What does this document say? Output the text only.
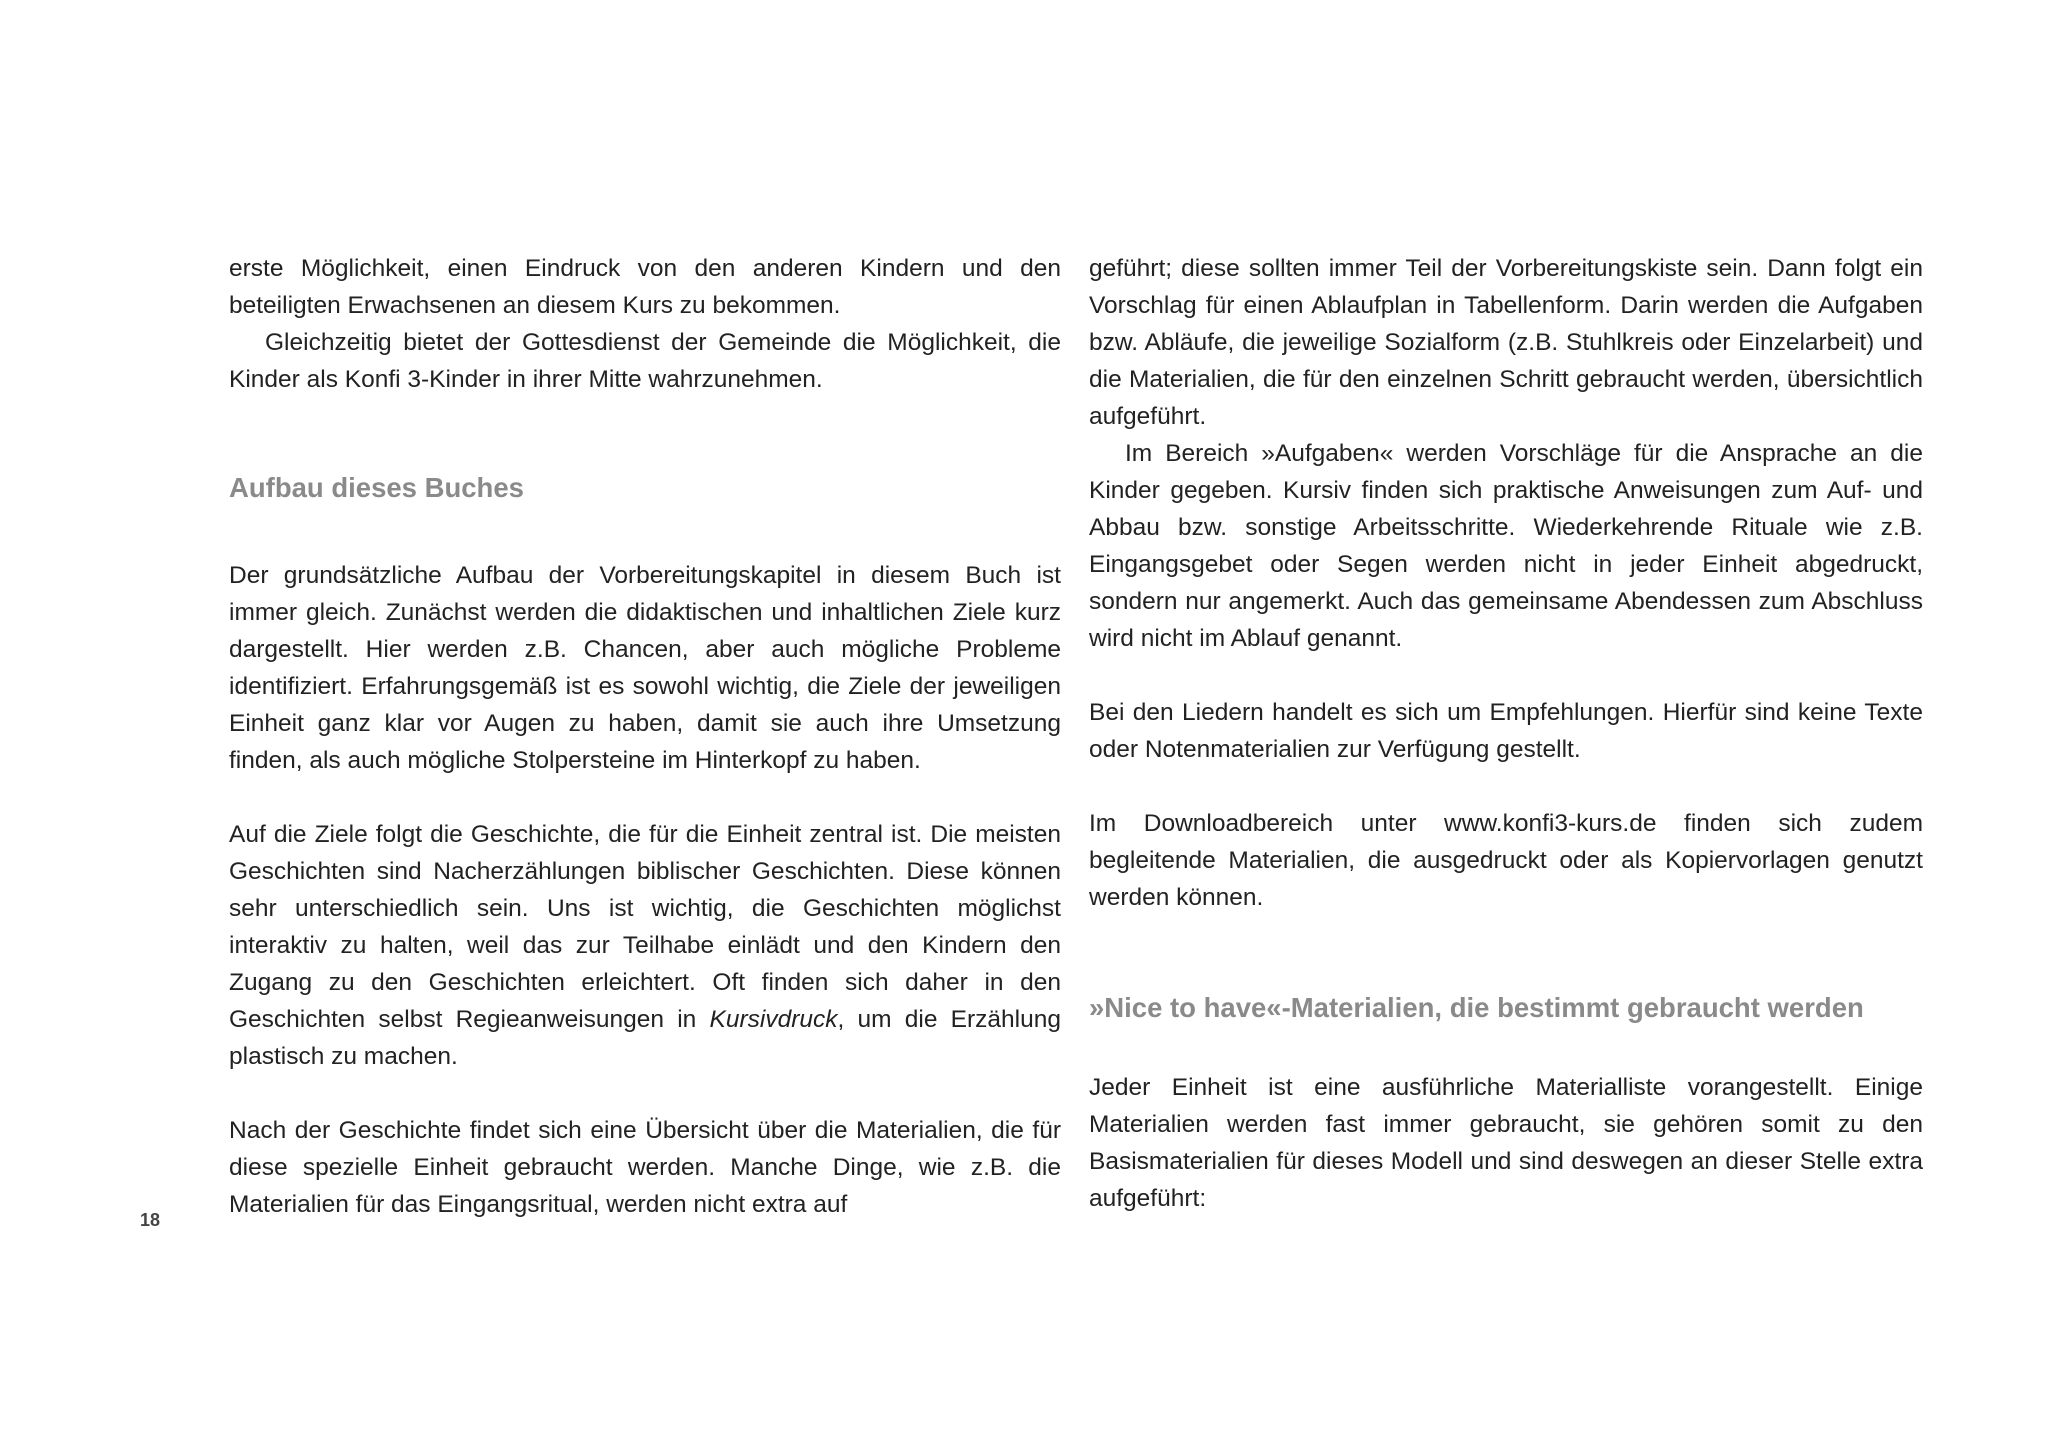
erste Möglichkeit, einen Eindruck von den anderen Kindern und den beteiligten Erwachsenen an diesem Kurs zu bekommen.

Gleichzeitig bietet der Gottesdienst der Gemeinde die Möglichkeit, die Kinder als Konfi 3-Kinder in ihrer Mitte wahrzunehmen.

Aufbau dieses Buches

Der grundsätzliche Aufbau der Vorbereitungskapitel in diesem Buch ist immer gleich. Zunächst werden die didaktischen und inhaltlichen Ziele kurz dargestellt. Hier werden z.B. Chancen, aber auch mögliche Probleme identifiziert. Erfahrungsgemäß ist es sowohl wichtig, die Ziele der jeweiligen Einheit ganz klar vor Augen zu haben, damit sie auch ihre Umsetzung finden, als auch mögliche Stolpersteine im Hinterkopf zu haben.

Auf die Ziele folgt die Geschichte, die für die Einheit zentral ist. Die meisten Geschichten sind Nacherzählungen biblischer Geschichten. Diese können sehr unterschiedlich sein. Uns ist wichtig, die Geschichten möglichst interaktiv zu halten, weil das zur Teilhabe einlädt und den Kindern den Zugang zu den Geschichten erleichtert. Oft finden sich daher in den Geschichten selbst Regieanweisungen in Kursivdruck, um die Erzählung plastisch zu machen.

Nach der Geschichte findet sich eine Übersicht über die Materialien, die für diese spezielle Einheit gebraucht werden. Manche Dinge, wie z.B. die Materialien für das Eingangsritual, werden nicht extra auf

geführt; diese sollten immer Teil der Vorbereitungskiste sein. Dann folgt ein Vorschlag für einen Ablaufplan in Tabellenform. Darin werden die Aufgaben bzw. Abläufe, die jeweilige Sozialform (z.B. Stuhlkreis oder Einzelarbeit) und die Materialien, die für den einzelnen Schritt gebraucht werden, übersichtlich aufgeführt.

Im Bereich »Aufgaben« werden Vorschläge für die Ansprache an die Kinder gegeben. Kursiv finden sich praktische Anweisungen zum Auf- und Abbau bzw. sonstige Arbeitsschritte. Wiederkehrende Rituale wie z.B. Eingangsgebet oder Segen werden nicht in jeder Einheit abgedruckt, sondern nur angemerkt. Auch das gemeinsame Abendessen zum Abschluss wird nicht im Ablauf genannt.

Bei den Liedern handelt es sich um Empfehlungen. Hierfür sind keine Texte oder Notenmaterialien zur Verfügung gestellt.

Im Downloadbereich unter www.konfi3-kurs.de finden sich zudem begleitende Materialien, die ausgedruckt oder als Kopiervorlagen genutzt werden können.

»Nice to have«-Materialien, die bestimmt gebraucht werden

Jeder Einheit ist eine ausführliche Materialliste vorangestellt. Einige Materialien werden fast immer gebraucht, sie gehören somit zu den Basismaterialien für dieses Modell und sind deswegen an dieser Stelle extra aufgeführt:

18
